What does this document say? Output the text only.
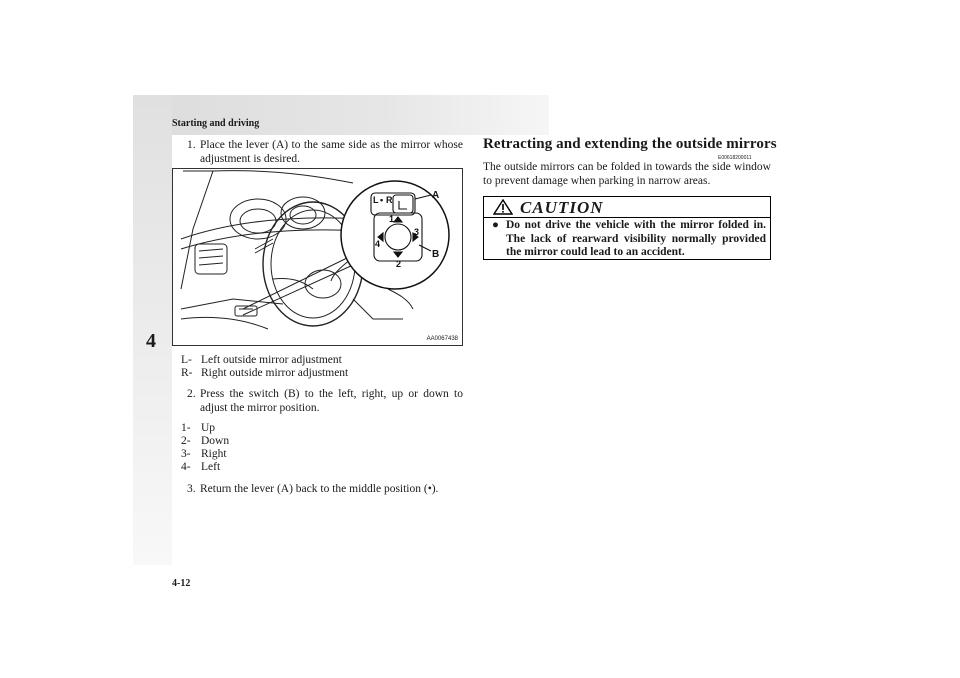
Starting and driving
4
4-12
1. Place the lever (A) to the same side as the mirror whose adjustment is desired.
L • R	A
B
1
2
3
4
AA0067438
L- Left outside mirror adjustment
R- Right outside mirror adjustment
2. Press the switch (B) to the left, right, up or down to adjust the mirror position.
1- Up
2- Down
3- Right
4- Left
3. Return the lever (A) back to the middle position (•).
Retracting and extending the outside mirrors
E00618200011
The outside mirrors can be folded in towards the side window to prevent damage when parking in narrow areas.
CAUTION
● Do not drive the vehicle with the mirror folded in. The lack of rearward visibility normally provided the mirror could lead to an accident.
